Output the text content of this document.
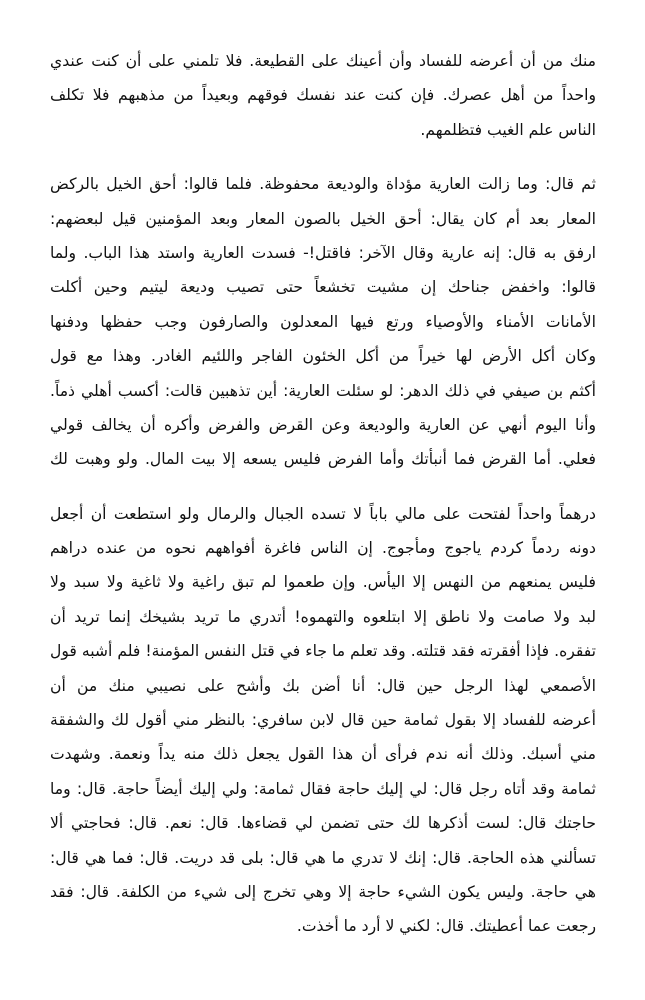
منك من أن أعرضه للفساد وأن أعينك على القطيعة. فلا تلمني على أن كنت عندي
واحداً من أهل عصرك. فإن كنت عند نفسك فوقهم وبعيداً من مذهبهم فلا تكلف
الناس علم الغيب فتظلمهم.
ثم قال: وما زالت العارية مؤداة والوديعة محفوظة. فلما قالوا: أحق الخيل بالركض
المعار بعد أم كان يقال: أحق الخيل بالصون المعار وبعد المؤمنين قيل لبعضهم:
ارفق به قال: إنه عارية وقال الآخر: فاقتل!- فسدت العارية واستد هذا الباب. ولما
قالوا: واخفض جناحك إن مشيت تخشعاً حتى تصيب وديعة ليتيم وحين أكلت
الأمانات الأمناء والأوصياء ورتع فيها المعدلون والصارفون وجب حفظها ودفنها
وكان أكل الأرض لها خيراً من أكل الخئون الفاجر واللئيم الغادر. وهذا مع قول
أكثم بن صيفي في ذلك الدهر: لو سئلت العارية: أين تذهبين قالت: أكسب أهلي ذماً.
وأنا اليوم أنهي عن العارية والوديعة وعن القرض والفرض وأكره أن يخالف قولي
فعلي. أما القرض فما أنبأتك وأما الفرض فليس يسعه إلا بيت المال. ولو وهبت لك
درهماً واحداً لفتحت على مالي باباً لا تسده الجبال والرمال ولو استطعت أن أجعل
دونه ردماً كردم ياجوج ومأجوج. إن الناس فاغرة أفواههم نحوه من عنده دراهم
فليس يمنعهم من النهس إلا اليأس. وإن طعموا لم تبق راغية ولا ثاغية ولا سبد ولا
لبد ولا صامت ولا ناطق إلا ابتلعوه والتهموه! أتدري ما تريد بشيخك إنما تريد أن
تفقره. فإذا أفقرته فقد قتلته. وقد تعلم ما جاء في قتل النفس المؤمنة! فلم أشبه قول
الأصمعي لهذا الرجل حين قال: أنا أضن بك وأشح على نصيبي منك من أن
أعرضه للفساد إلا بقول ثمامة حين قال لابن سافري: بالنظر مني أقول لك والشفقة
مني أسبك. وذلك أنه ندم فرأى أن هذا القول يجعل ذلك منه يداً ونعمة. وشهدت
ثمامة وقد أتاه رجل قال: لي إليك حاجة فقال ثمامة: ولي إليك أيضاً حاجة. قال: وما
حاجتك قال: لست أذكرها لك حتى تضمن لي قضاءها. قال: نعم. قال: فحاجتي ألا
تسألني هذه الحاجة. قال: إنك لا تدري ما هي قال: بلى قد دريت. قال: فما هي قال:
هي حاجة. وليس يكون الشيء حاجة إلا وهي تخرج إلى شيء من الكلفة. قال: فقد
رجعت عما أعطيتك. قال: لكني لا أرد ما أخذت.
